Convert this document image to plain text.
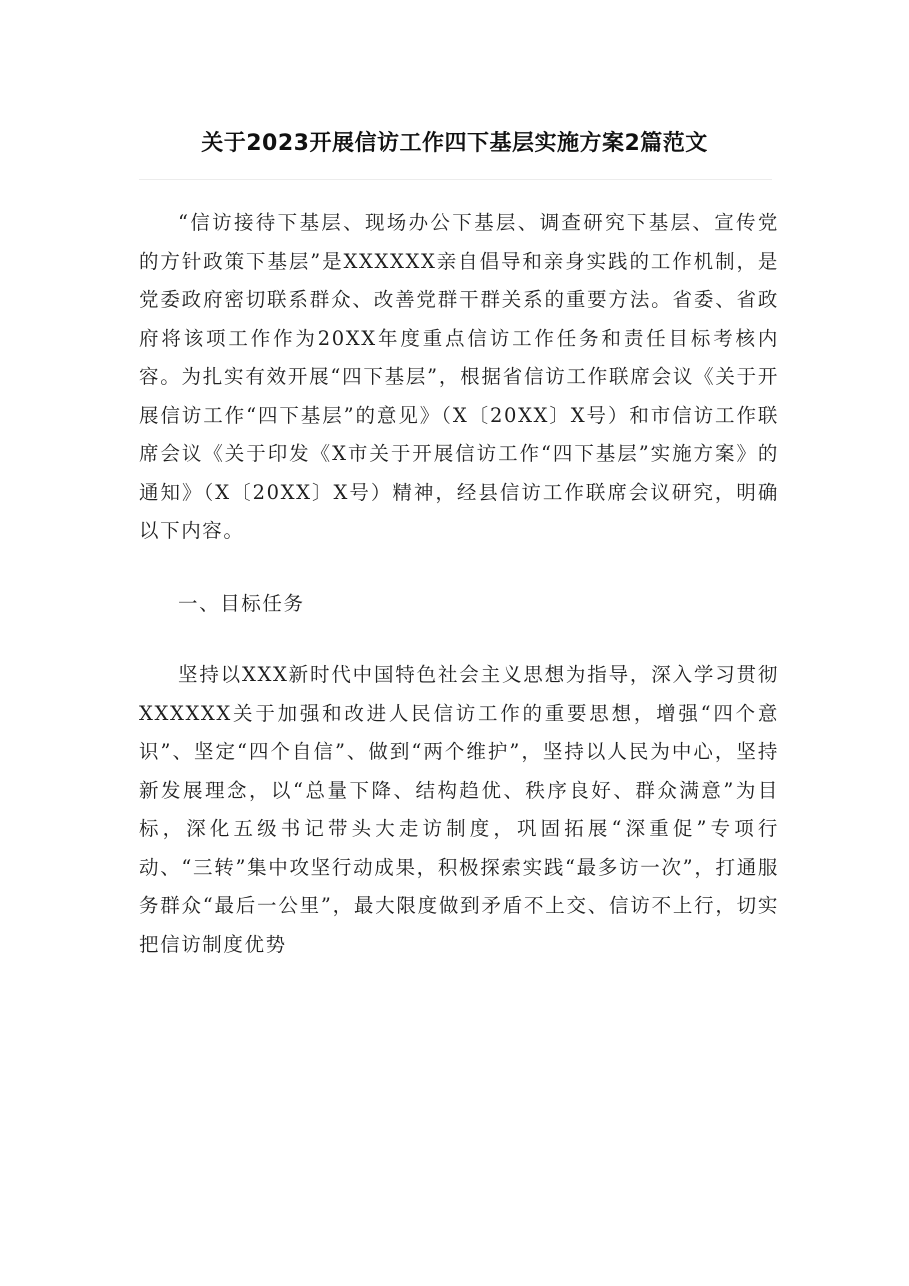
关于2023开展信访工作四下基层实施方案2篇范文

“信访接待下基层、现场办公下基层、调查研究下基层、宣传党的方针政策下基层”是XXXXXX亲自倡导和亲身实践的工作机制，是党委政府密切联系群众、改善党群干群关系的重要方法。省委、省政府将该项工作作为20XX年度重点信访工作任务和责任目标考核内容。为扎实有效开展“四下基层”，根据省信访工作联席会议《关于开展信访工作“四下基层”的意见》（X〔20XX〕X号）和市信访工作联席会议《关于印发《X市关于开展信访工作“四下基层”实施方案》的通知》（X〔20XX〕X号）精神，经县信访工作联席会议研究，明确以下内容。

一、目标任务

坚持以XXX新时代中国特色社会主义思想为指导，深入学习贯彻XXXXXX关于加强和改进人民信访工作的重要思想，增强“四个意识”、坚定“四个自信”、做到“两个维护”，坚持以人民为中心，坚持新发展理念，以“总量下降、结构趋优、秩序良好、群众满意”为目标，深化五级书记带头大走访制度，巩固拓展“深重促”专项行动、“三转”集中攻坚行动成果，积极探索实践“最多访一次”，打通服务群众“最后一公里”，最大限度做到矛盾不上交、信访不上行，切实把信访制度优势
